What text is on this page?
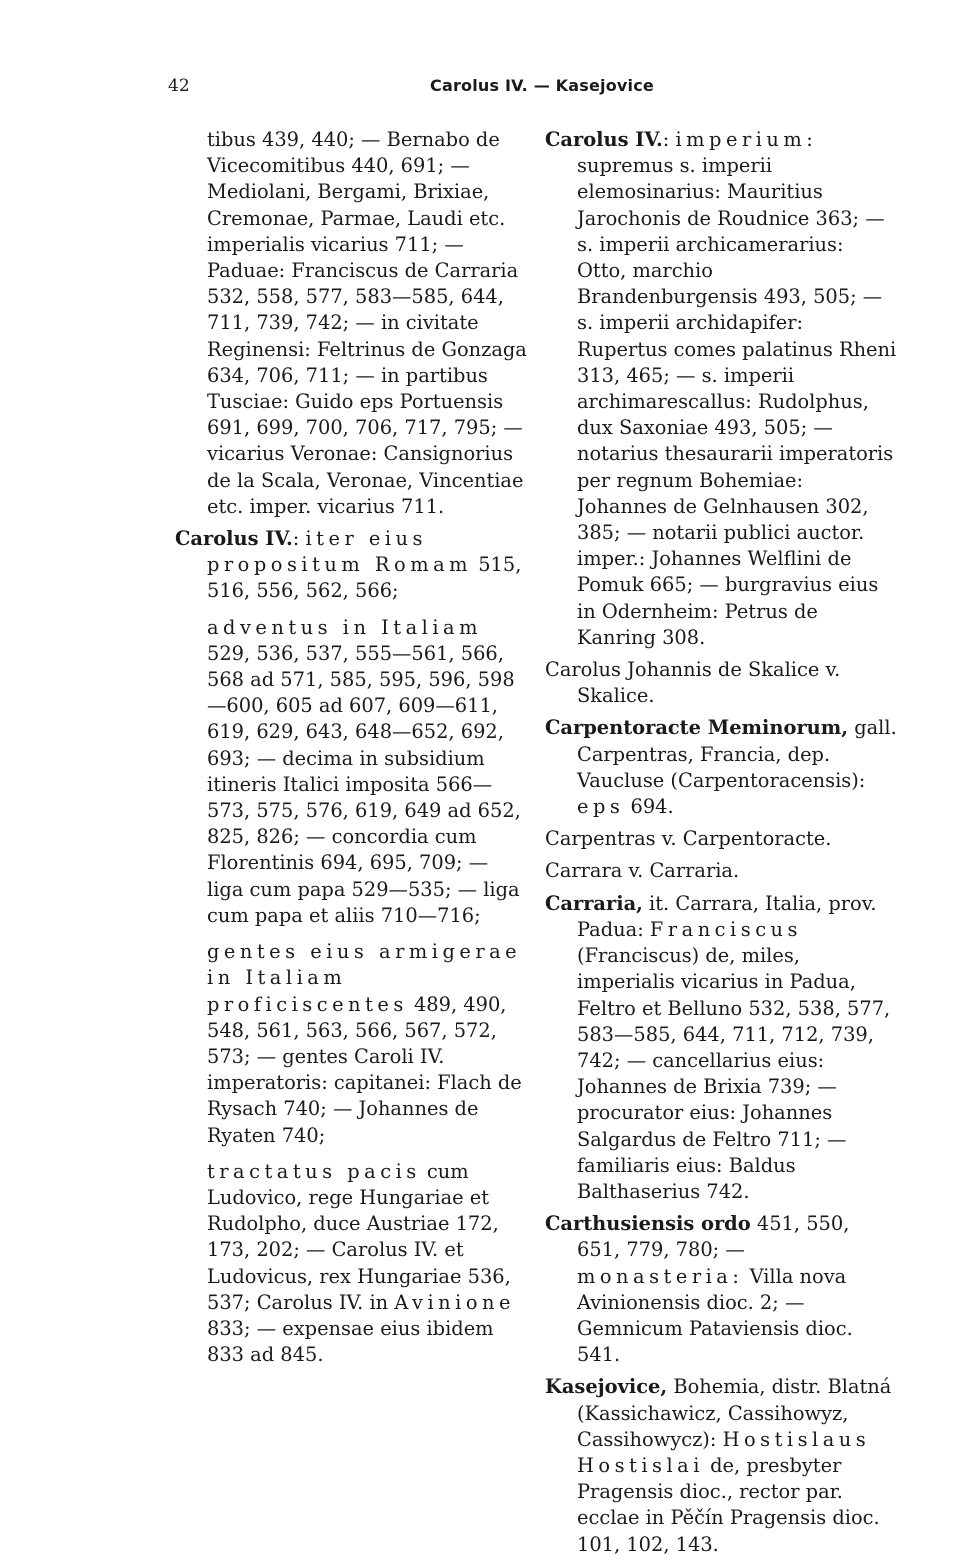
42	Carolus IV. — Kasejovice

tibus 439, 440; — Bernabo de Vicecomitibus 440, 691; — Mediolani, Bergami, Brixiae, Cremonae, Parmae, Laudi etc. imperialis vicarius 711; — Paduae: Franciscus de Carraria 532, 558, 577, 583—585, 644, 711, 739, 742; — in civitate Reginensi: Feltrinus de Gonzaga 634, 706, 711; — in partibus Tusciae: Guido eps Portuensis 691, 699, 700, 706, 717, 795; — vicarius Veronae: Cansignorius de la Scala, Veronae, Vincentiae etc. imper. vicarius 711.

Carolus IV.: iter eius propositum Romam 515, 516, 556, 562, 566;

adventus in Italiam 529, 536, 537, 555—561, 566, 568 ad 571, 585, 595, 596, 598—600, 605 ad 607, 609—611, 619, 629, 643, 648—652, 692, 693; — decima in subsidium itineris Italici imposita 566—573, 575, 576, 619, 649 ad 652, 825, 826; — concordia cum Florentinis 694, 695, 709; — liga cum papa 529—535; — liga cum papa et aliis 710—716;

gentes eius armigerae in Italiam proficiscentes 489, 490, 548, 561, 563, 566, 567, 572, 573; — gentes Caroli IV. imperatoris: capitanei: Flach de Rysach 740; — Johannes de Ryaten 740;

tractatus pacis cum Ludovico, rege Hungariae et Rudolpho, duce Austriae 172, 173, 202; — Carolus IV. et Ludovicus, rex Hungariae 536, 537; Carolus IV. in Avinione 833; — expensae eius ibidem 833 ad 845.

Carolus IV.: imperium: supremus s. imperii elemosinarius: Mauritius Jarochonis de Roudnice 363; — s. imperii archicamerarius: Otto, marchio Brandenburgensis 493, 505; — s. imperii archidapifer: Rupertus comes palatinus Rheni 313, 465; — s. imperii archimarescallus: Rudolphus, dux Saxoniae 493, 505; — notarius thesaurarii imperatoris per regnum Bohemiae: Johannes de Gelnhausen 302, 385; — notarii publici auctor. imper.: Johannes Welflini de Pomuk 665; — burgravius eius in Odernheim: Petrus de Kanring 308.

Carolus Johannis de Skalice v. Skalice.

Carpentoracte Meminorum, gall. Carpentras, Francia, dep. Vaucluse (Carpentoracensis): eps 694.

Carpentras v. Carpentoracte.

Carrara v. Carraria.

Carraria, it. Carrara, Italia, prov. Padua: Franciscus (Franciscus) de, miles, imperialis vicarius in Padua, Feltro et Belluno 532, 538, 577, 583—585, 644, 711, 712, 739, 742; — cancellarius eius: Johannes de Brixia 739; — procurator eius: Johannes Salgardus de Feltro 711; — familiaris eius: Baldus Balthaserius 742.

Carthusiensis ordo 451, 550, 651, 779, 780; — monasteria: Villa nova Avinionensis dioc. 2; — Gemnicum Pataviensis dioc. 541.

Kasejovice, Bohemia, distr. Blatná (Kassichawicz, Cassihowyz, Cassihowycz): Hostislaus Hostislai de, presbyter Pragensis dioc., rector par. ecclae in Pěčín Pragensis dioc. 101, 102, 143.
